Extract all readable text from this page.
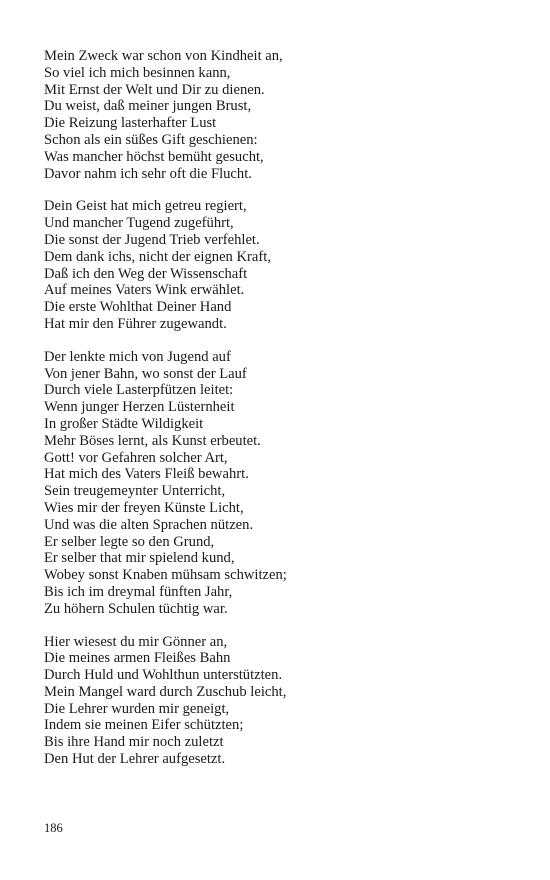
Mein Zweck war schon von Kindheit an,
So viel ich mich besinnen kann,
Mit Ernst der Welt und Dir zu dienen.
Du weist, daß meiner jungen Brust,
Die Reizung lasterhafter Lust
Schon als ein süßes Gift geschienen:
Was mancher höchst bemüht gesucht,
Davor nahm ich sehr oft die Flucht.
Dein Geist hat mich getreu regiert,
Und mancher Tugend zugeführt,
Die sonst der Jugend Trieb verfehlet.
Dem dank ichs, nicht der eignen Kraft,
Daß ich den Weg der Wissenschaft
Auf meines Vaters Wink erwählet.
Die erste Wohlthat Deiner Hand
Hat mir den Führer zugewandt.
Der lenkte mich von Jugend auf
Von jener Bahn, wo sonst der Lauf
Durch viele Lasterpfützen leitet:
Wenn junger Herzen Lüsternheit
In großer Städte Wildigkeit
Mehr Böses lernt, als Kunst erbeutet.
Gott! vor Gefahren solcher Art,
Hat mich des Vaters Fleiß bewahrt.
Sein treugemeynter Unterricht,
Wies mir der freyen Künste Licht,
Und was die alten Sprachen nützen.
Er selber legte so den Grund,
Er selber that mir spielend kund,
Wobey sonst Knaben mühsam schwitzen;
Bis ich im dreymal fünften Jahr,
Zu höhern Schulen tüchtig war.
Hier wiesest du mir Gönner an,
Die meines armen Fleißes Bahn
Durch Huld und Wohlthun unterstützten.
Mein Mangel ward durch Zuschub leicht,
Die Lehrer wurden mir geneigt,
Indem sie meinen Eifer schützten;
Bis ihre Hand mir noch zuletzt
Den Hut der Lehrer aufgesetzt.
186
